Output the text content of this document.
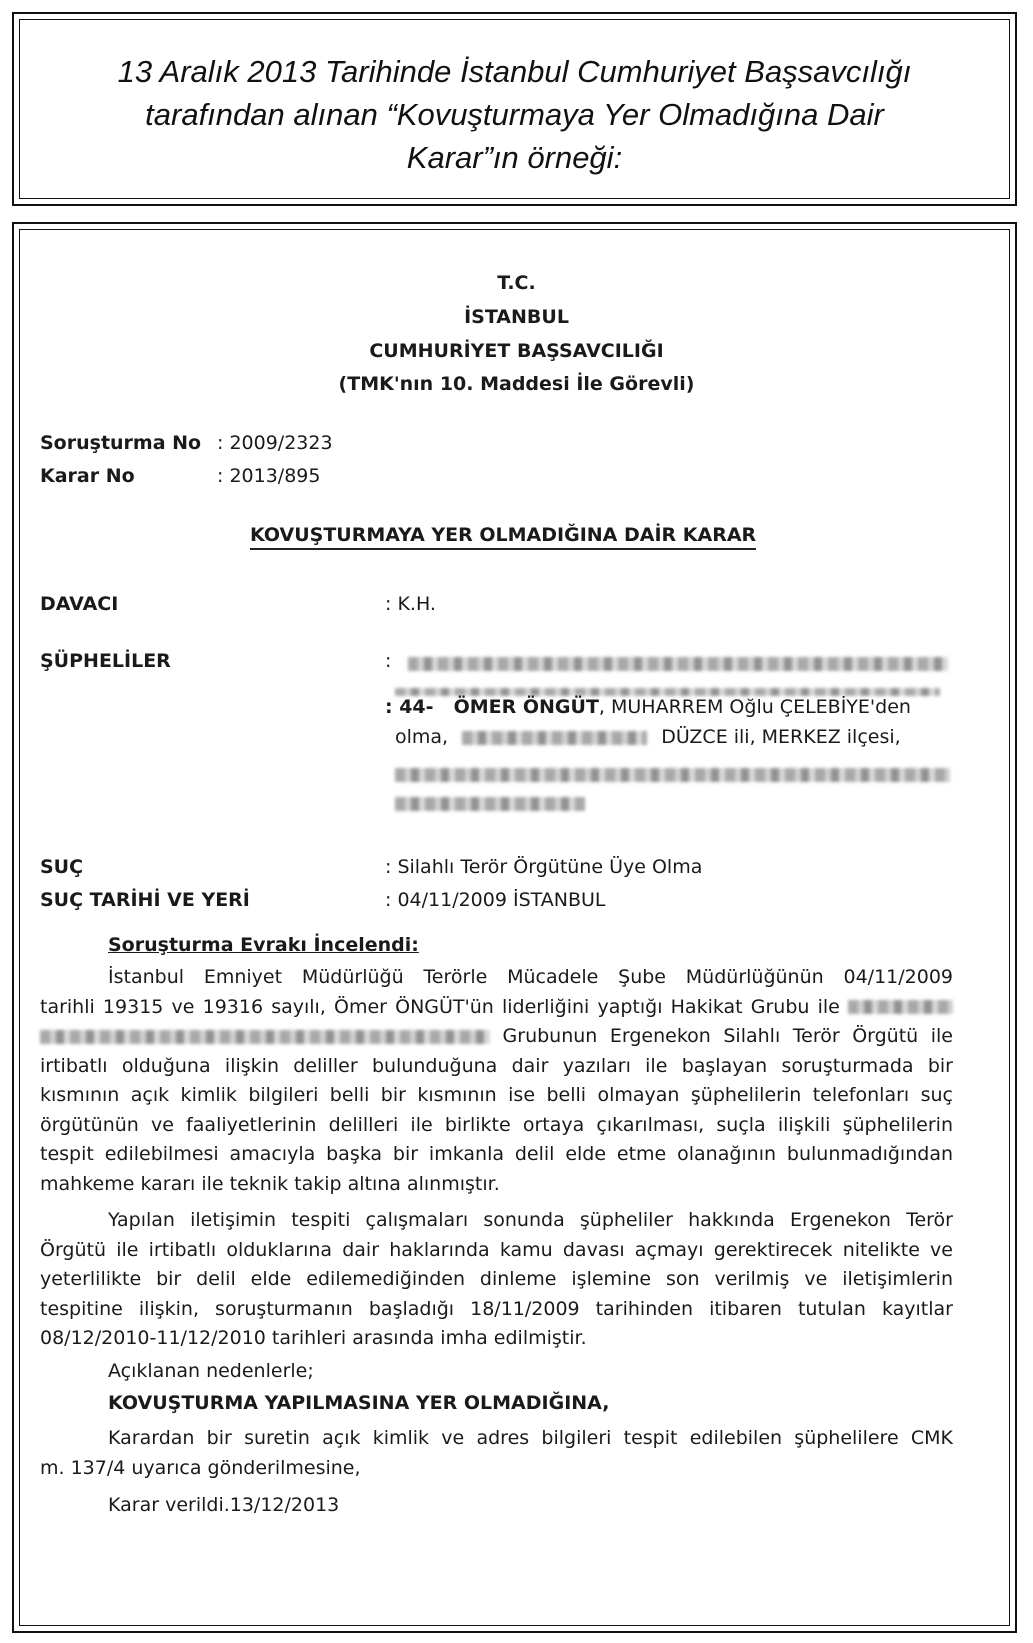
13 Aralık 2013 Tarihinde İstanbul Cumhuriyet Başsavcılığı
tarafından alınan “Kovuşturmaya Yer Olmadığına Dair
Karar”ın örneği:
T.C.
İSTANBUL
CUMHURİYET BAŞSAVCILIĞI
(TMK'nın 10. Maddesi İle Görevli)
Soruşturma No : 2009/2323
Karar No	: 2013/895
KOVUŞTURMAYA YER OLMADIĞINA DAİR KARAR
DAVACI	: K.H.
ŞÜPHELİLER	:
: 44- ÖMER ÖNGÜT, MUHARREM Oğlu ÇELEBİYE'den
olma,	DÜZCE ili, MERKEZ ilçesi,
SUÇ	: Silahlı Terör Örgütüne Üye Olma
SUÇ TARİHİ VE YERİ	: 04/11/2009 İSTANBUL
Soruşturma Evrakı İncelendi:
İstanbul Emniyet Müdürlüğü Terörle Mücadele Şube Müdürlüğünün 04/11/2009
tarihli 19315 ve 19316 sayılı, Ömer ÖNGÜT'ün liderliğini yaptığı Hakikat Grubu ile
Grubunun Ergenekon Silahlı Terör Örgütü ile
irtibatlı olduğuna ilişkin deliller bulunduğuna dair yazıları ile başlayan soruşturmada bir
kısmının açık kimlik bilgileri belli bir kısmının ise belli olmayan şüphelilerin telefonları suç
örgütünün ve faaliyetlerinin delilleri ile birlikte ortaya çıkarılması, suçla ilişkili şüphelilerin
tespit edilebilmesi amacıyla başka bir imkanla delil elde etme olanağının bulunmadığından
mahkeme kararı ile teknik takip altına alınmıştır.
Yapılan iletişimin tespiti çalışmaları sonunda şüpheliler hakkında Ergenekon Terör
Örgütü ile irtibatlı olduklarına dair haklarında kamu davası açmayı gerektirecek nitelikte ve
yeterlilikte bir delil elde edilemediğinden dinleme işlemine son verilmiş ve iletişimlerin
tespitine ilişkin, soruşturmanın başladığı 18/11/2009 tarihinden itibaren tutulan kayıtlar
08/12/2010-11/12/2010 tarihleri arasında imha edilmiştir.
Açıklanan nedenlerle;
KOVUŞTURMA YAPILMASINA YER OLMADIĞINA,
Karardan bir suretin açık kimlik ve adres bilgileri tespit edilebilen şüphelilere CMK
m. 137/4 uyarıca gönderilmesine,
Karar verildi.13/12/2013
